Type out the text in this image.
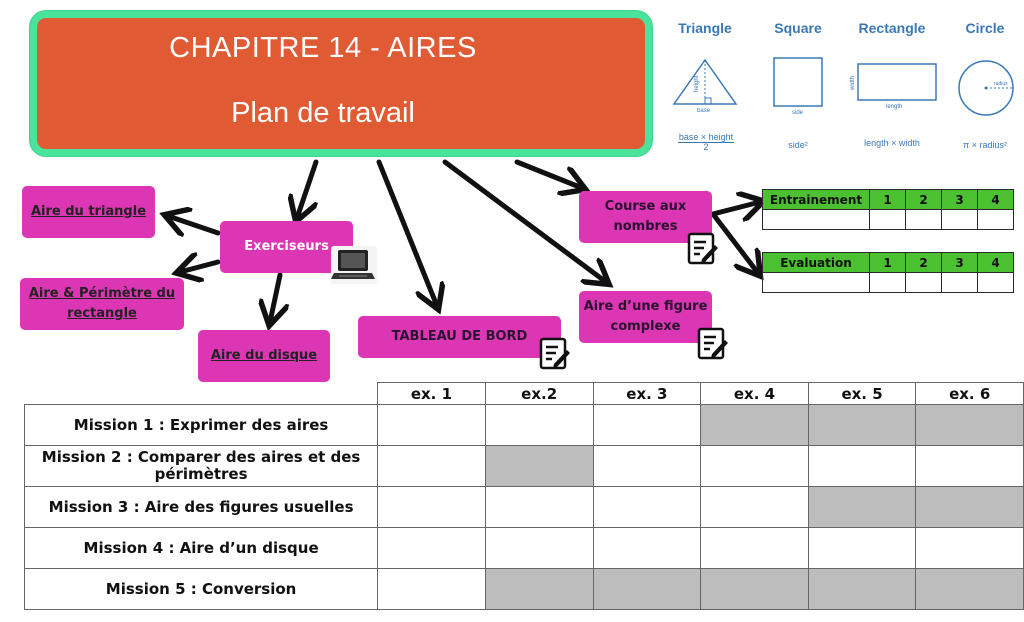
CHAPITRE 14 - AIRES
Plan de travail
Triangle
height
base
$\frac{\text{base × height}}{2}$
Square
side
side²
Rectangle
width
length
length × width
Circle
radius
π × radius²
Exerciseurs
Aire du triangle
Aire & Périmètre du rectangle
Aire du disque
TABLEAU DE BORD
Course aux nombres
Aire d’une figure complexe
Entrainement	1	2	3	4

Evaluation	1	2	3	4

	ex. 1	ex.2	ex. 3	ex. 4	ex. 5	ex. 6
Mission 1 : Exprimer des aires						
Mission 2 : Comparer des aires et des périmètres						
Mission 3 : Aire des figures usuelles						
Mission 4 : Aire d’un disque						
Mission 5 : Conversion						
